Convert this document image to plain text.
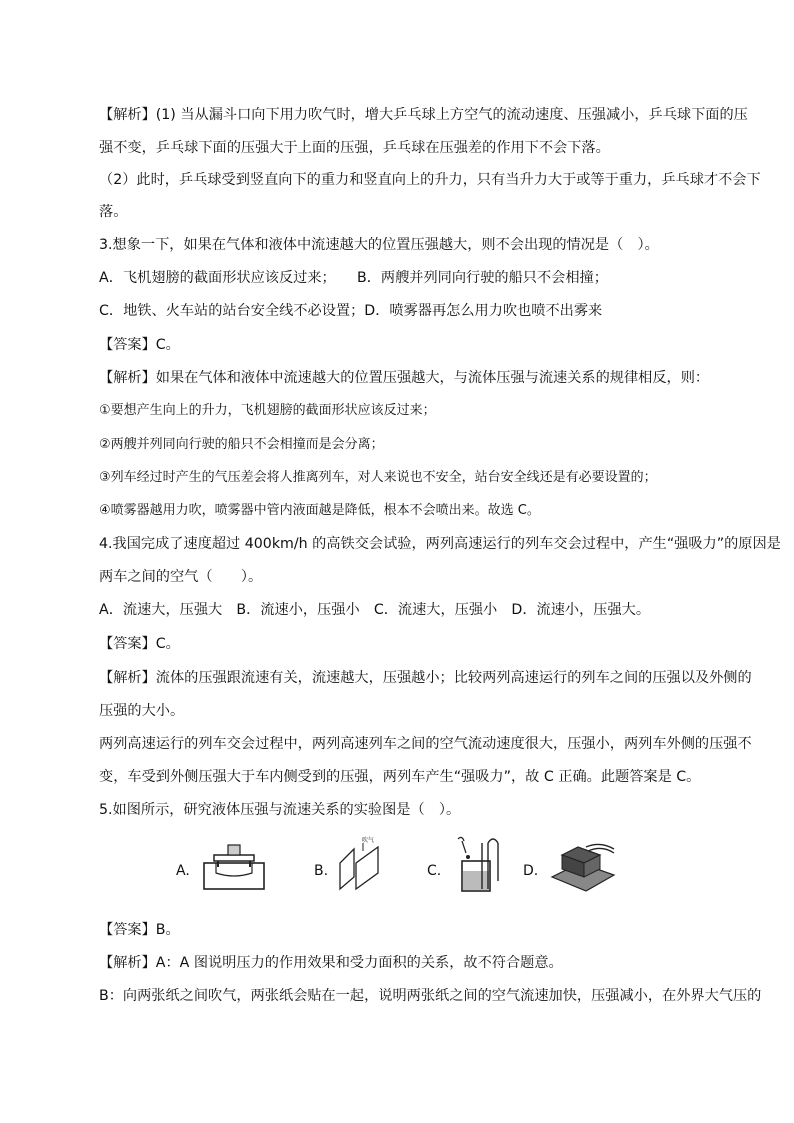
【解析】(1) 当从漏斗口向下用力吹气时，增大乒乓球上方空气的流动速度、压强减小，乒乓球下面的压
强不变，乒乓球下面的压强大于上面的压强，乒乓球在压强差的作用下不会下落。
（2）此时，乒乓球受到竖直向下的重力和竖直向上的升力，只有当升力大于或等于重力，乒乓球才不会下
落。
3.想象一下，如果在气体和液体中流速越大的位置压强越大，则不会出现的情况是（　）。
A．飞机翅膀的截面形状应该反过来；　　B．两艘并列同向行驶的船只不会相撞；
C．地铁、火车站的站台安全线不必设置；D．喷雾器再怎么用力吹也喷不出雾来
【答案】C。
【解析】如果在气体和液体中流速越大的位置压强越大，与流体压强与流速关系的规律相反，则：
①要想产生向上的升力，飞机翅膀的截面形状应该反过来；
②两艘并列同向行驶的船只不会相撞而是会分离；
③列车经过时产生的气压差会将人推离列车，对人来说也不安全，站台安全线还是有必要设置的；
④喷雾器越用力吹，喷雾器中管内液面越是降低，根本不会喷出来。故选 C。
4.我国完成了速度超过 400km/h 的高铁交会试验，两列高速运行的列车交会过程中，产生“强吸力”的原因是
两车之间的空气（　　）。
A．流速大，压强大　B．流速小，压强小　C．流速大，压强小　D．流速小，压强大。
【答案】C。
【解析】流体的压强跟流速有关，流速越大，压强越小；比较两列高速运行的列车之间的压强以及外侧的
压强的大小。
两列高速运行的列车交会过程中，两列高速列车之间的空气流动速度很大，压强小，两列车外侧的压强不
变，车受到外侧压强大于车内侧受到的压强，两列车产生“强吸力”，故 C 正确。此题答案是 C。
5.如图所示，研究液体压强与流速关系的实验图是（　）。
【答案】B。
【解析】A：A 图说明压力的作用效果和受力面积的关系，故不符合题意。
B：向两张纸之间吹气，两张纸会贴在一起，说明两张纸之间的空气流速加快，压强减小，在外界大气压的
A.	B.
吹气
C.	D.
